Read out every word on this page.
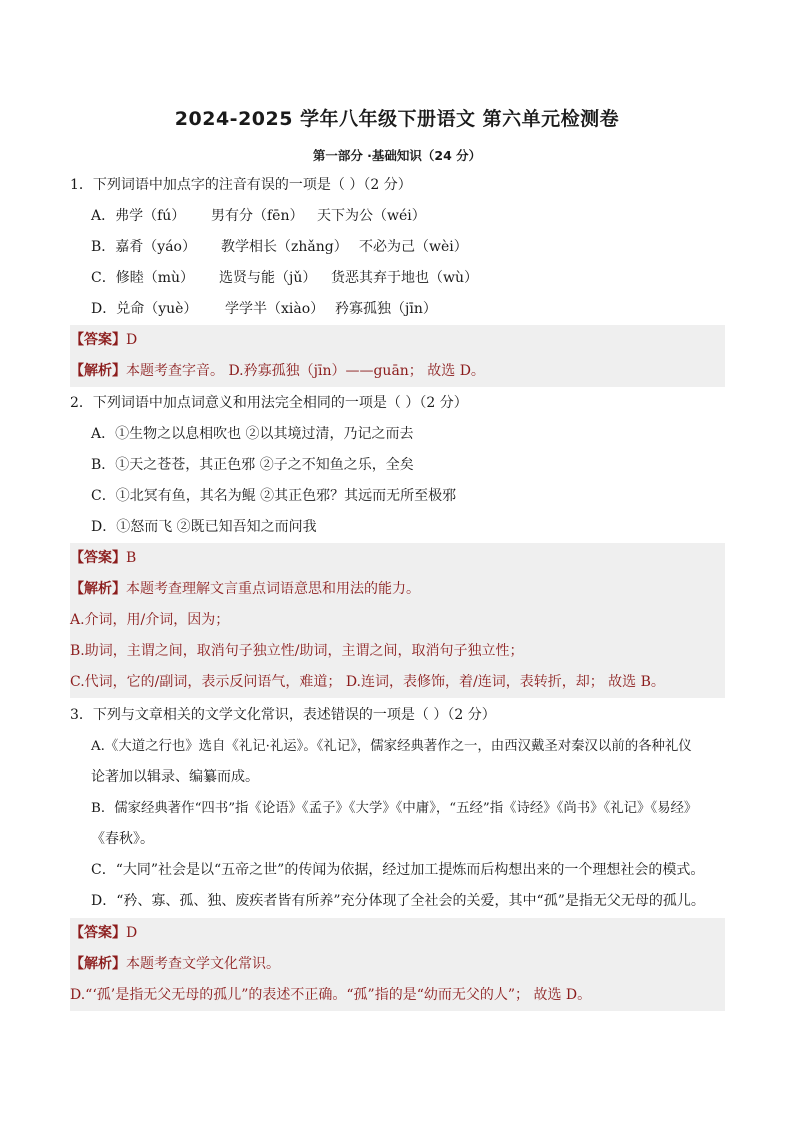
2024-2025 学年八年级下册语文 第六单元检测卷
第一部分 ·基础知识（24 分）
1．下列词语中加点字的注音有误的一项是（ ）（2 分）
A．弗学（fú） 男有分（fēn） 天下为公（wéi）
B．嘉肴（yáo） 教学相长（zhǎng） 不必为己（wèi）
C．修睦（mù） 选贤与能（jǔ） 货恶其弃于地也（wù）
D．兑命（yuè） 学学半（xiào） 矜寡孤独（jīn）
【答案】D
【解析】本题考查字音。 D.矜寡孤独（jīn）——guān； 故选 D。
2．下列词语中加点词意义和用法完全相同的一项是（ ）（2 分）
A．①生物之以息相吹也 ②以其境过清，乃记之而去
B．①天之苍苍，其正色邪 ②子之不知鱼之乐，全矣
C．①北冥有鱼，其名为鲲 ②其正色邪？其远而无所至极邪
D．①怒而飞 ②既已知吾知之而问我
【答案】B
【解析】本题考查理解文言重点词语意思和用法的能力。
A.介词，用/介词，因为；
B.助词，主谓之间，取消句子独立性/助词，主谓之间，取消句子独立性；
C.代词，它的/副词，表示反问语气，难道； D.连词，表修饰，着/连词，表转折，却； 故选 B。
3．下列与文章相关的文学文化常识，表述错误的一项是（ ）（2 分）
A.《大道之行也》选自《礼记·礼运》。《礼记》，儒家经典著作之一，由西汉戴圣对秦汉以前的各种礼仪
论著加以辑录、编纂而成。
B．儒家经典著作“四书”指《论语》《孟子》《大学》《中庸》，“五经”指《诗经》《尚书》《礼记》《易经》
《春秋》。
C．“大同”社会是以“五帝之世”的传闻为依据，经过加工提炼而后构想出来的一个理想社会的模式。
D．“矜、寡、孤、独、废疾者皆有所养”充分体现了全社会的关爱，其中“孤”是指无父无母的孤儿。
【答案】D
【解析】本题考查文学文化常识。
D.“‘孤’是指无父无母的孤儿”的表述不正确。“孤”指的是“幼而无父的人”； 故选 D。
